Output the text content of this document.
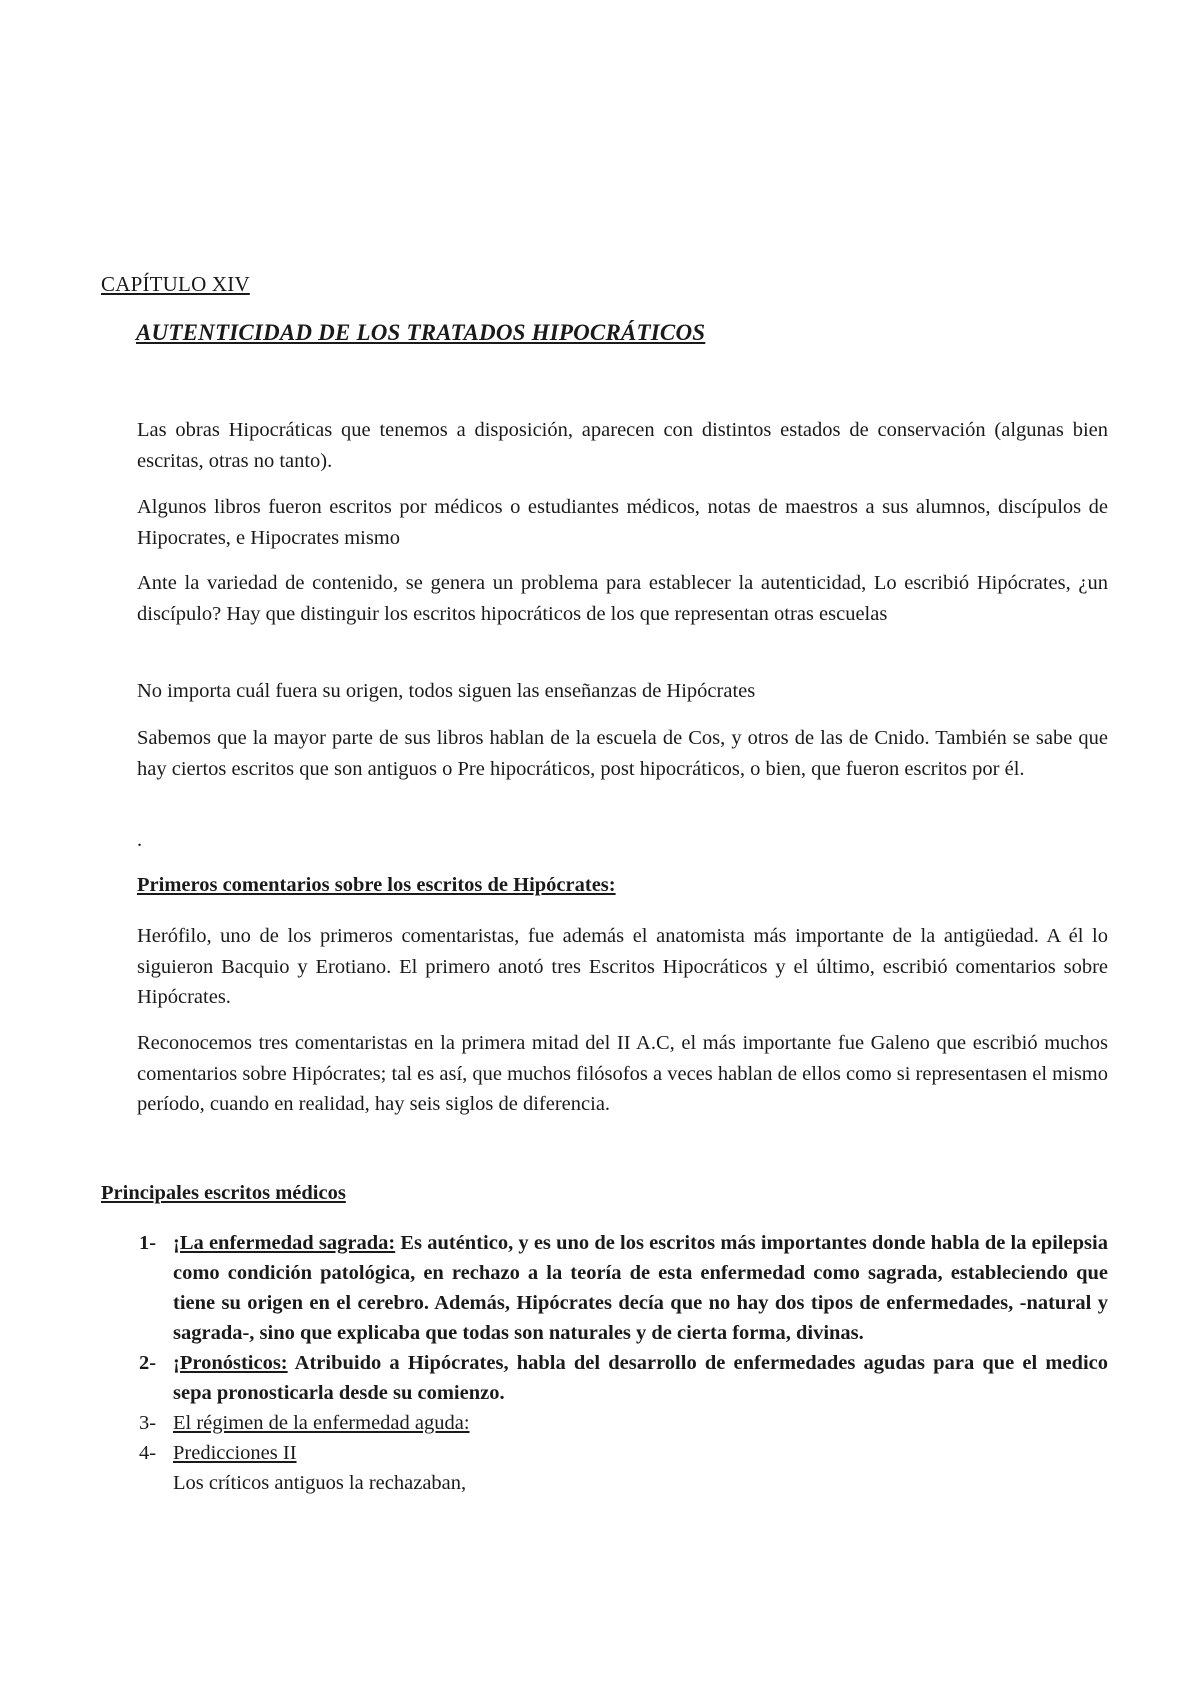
CAPÍTULO XIV
AUTENTICIDAD DE LOS TRATADOS HIPOCRÁTICOS

Las obras Hipocráticas que tenemos a disposición, aparecen con distintos estados de conservación (algunas bien escritas, otras no tanto).

Algunos libros fueron escritos por médicos o estudiantes médicos, notas de maestros a sus alumnos, discípulos de Hipocrates, e Hipocrates mismo

Ante la variedad de contenido, se genera un problema para establecer la autenticidad, Lo escribió Hipócrates, ¿un discípulo? Hay que distinguir los escritos hipocráticos de los que representan otras escuelas

No importa cuál fuera su origen, todos siguen las enseñanzas de Hipócrates

Sabemos que la mayor parte de sus libros hablan de la escuela de Cos, y otros de las de Cnido. También se sabe que hay ciertos escritos que son antiguos o Pre hipocráticos, post hipocráticos, o bien, que fueron escritos por él.

.

Primeros comentarios sobre los escritos de Hipócrates:

Herófilo, uno de los primeros comentaristas, fue además el anatomista más importante de la antigüedad. A él lo siguieron Bacquio y Erotiano. El primero anotó tres Escritos Hipocráticos y el último, escribió comentarios sobre Hipócrates.

Reconocemos tres comentaristas en la primera mitad del II A.C, el más importante fue Galeno que escribió muchos comentarios sobre Hipócrates; tal es así, que muchos filósofos a veces hablan de ellos como si representasen el mismo período, cuando en realidad, hay seis siglos de diferencia.

Principales escritos médicos
1- ¡La enfermedad sagrada: Es auténtico, y es uno de los escritos más importantes donde habla de la epilepsia como condición patológica, en rechazo a la teoría de esta enfermedad como sagrada, estableciendo que tiene su origen en el cerebro. Además, Hipócrates decía que no hay dos tipos de enfermedades, -natural y sagrada-, sino que explicaba que todas son naturales y de cierta forma, divinas.
2- ¡Pronósticos: Atribuido a Hipócrates, habla del desarrollo de enfermedades agudas para que el medico sepa pronosticarla desde su comienzo.
3- El régimen de la enfermedad aguda:
4- Predicciones II
Los críticos antiguos la rechazaban,
